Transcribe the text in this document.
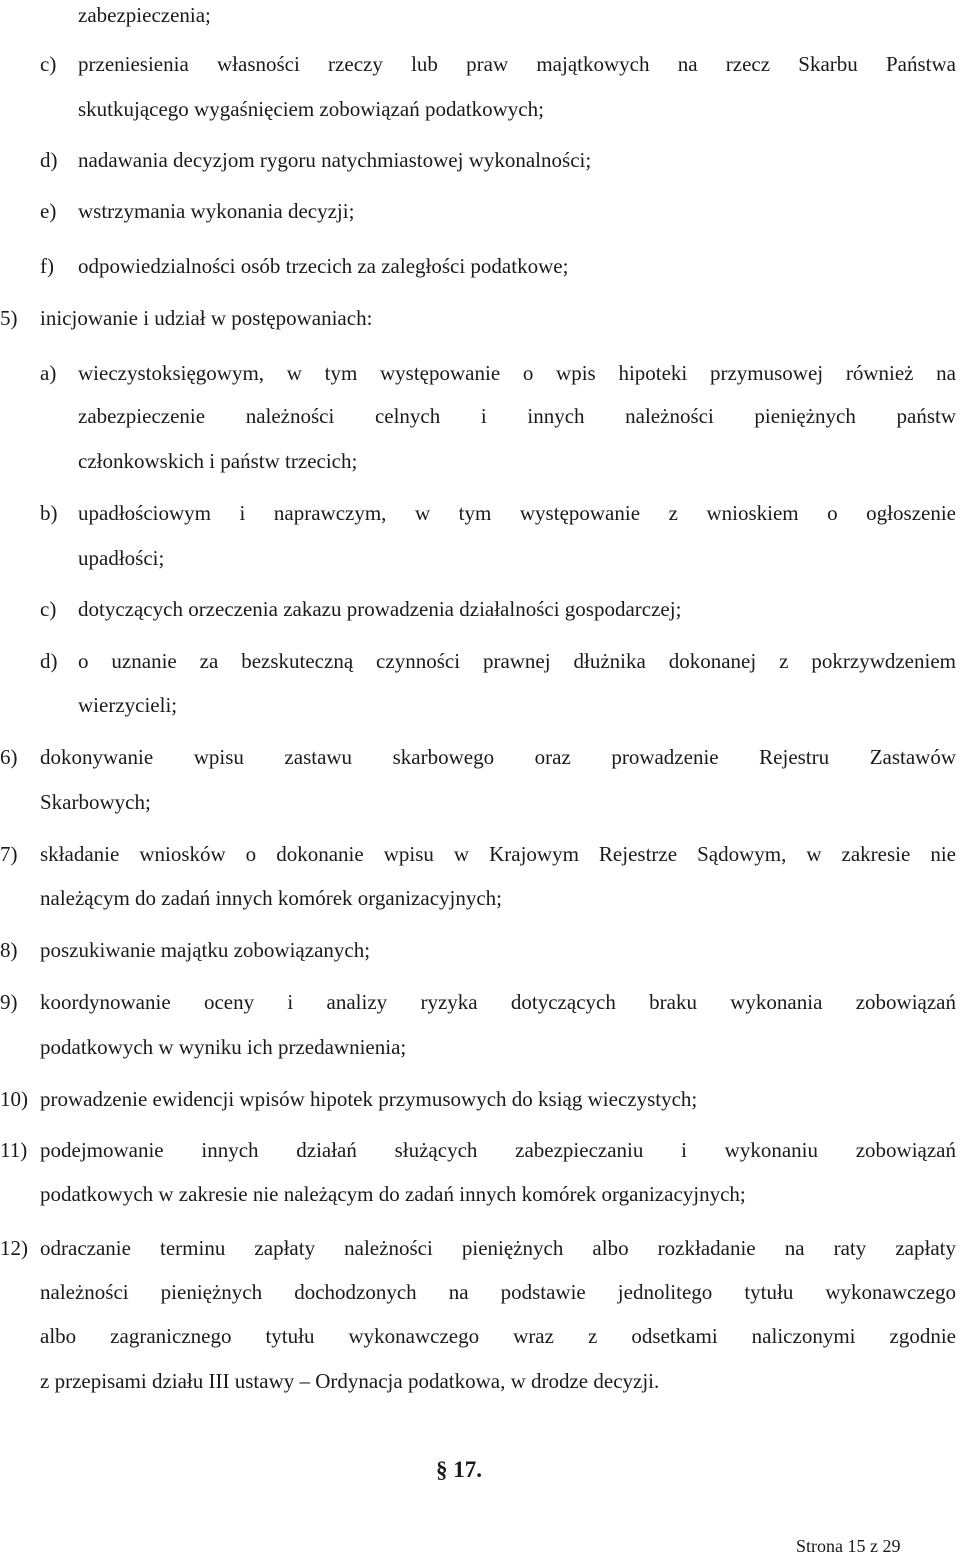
zabezpieczenia;
c) przeniesienia własności rzeczy lub praw majątkowych na rzecz Skarbu Państwa
skutkującego wygaśnięciem zobowiązań podatkowych;
d) nadawania decyzjom rygoru natychmiastowej wykonalności;
e) wstrzymania wykonania decyzji;
f) odpowiedzialności osób trzecich za zaległości podatkowe;
5) inicjowanie i udział w postępowaniach:
a) wieczystoksięgowym, w tym występowanie o wpis hipoteki przymusowej również na
zabezpieczenie należności celnych i innych należności pieniężnych państw
członkowskich i państw trzecich;
b) upadłościowym i naprawczym, w tym występowanie z wnioskiem o ogłoszenie
upadłości;
c) dotyczących orzeczenia zakazu prowadzenia działalności gospodarczej;
d) o uznanie za bezskuteczną czynności prawnej dłużnika dokonanej z pokrzywdzeniem
wierzycieli;
6) dokonywanie wpisu zastawu skarbowego oraz prowadzenie Rejestru Zastawów
Skarbowych;
7) składanie wniosków o dokonanie wpisu w Krajowym Rejestrze Sądowym, w zakresie nie
należącym do zadań innych komórek organizacyjnych;
8) poszukiwanie majątku zobowiązanych;
9) koordynowanie oceny i analizy ryzyka dotyczących braku wykonania zobowiązań
podatkowych w wyniku ich przedawnienia;
10) prowadzenie ewidencji wpisów hipotek przymusowych do ksiąg wieczystych;
11) podejmowanie innych działań służących zabezpieczaniu i wykonaniu zobowiązań
podatkowych w zakresie nie należącym do zadań innych komórek organizacyjnych;
12) odraczanie terminu zapłaty należności pieniężnych albo rozkładanie na raty zapłaty
należności pieniężnych dochodzonych na podstawie jednolitego tytułu wykonawczego
albo zagranicznego tytułu wykonawczego wraz z odsetkami naliczonymi zgodnie
z przepisami działu III ustawy – Ordynacja podatkowa, w drodze decyzji.
§ 17.
Strona 15 z 29
